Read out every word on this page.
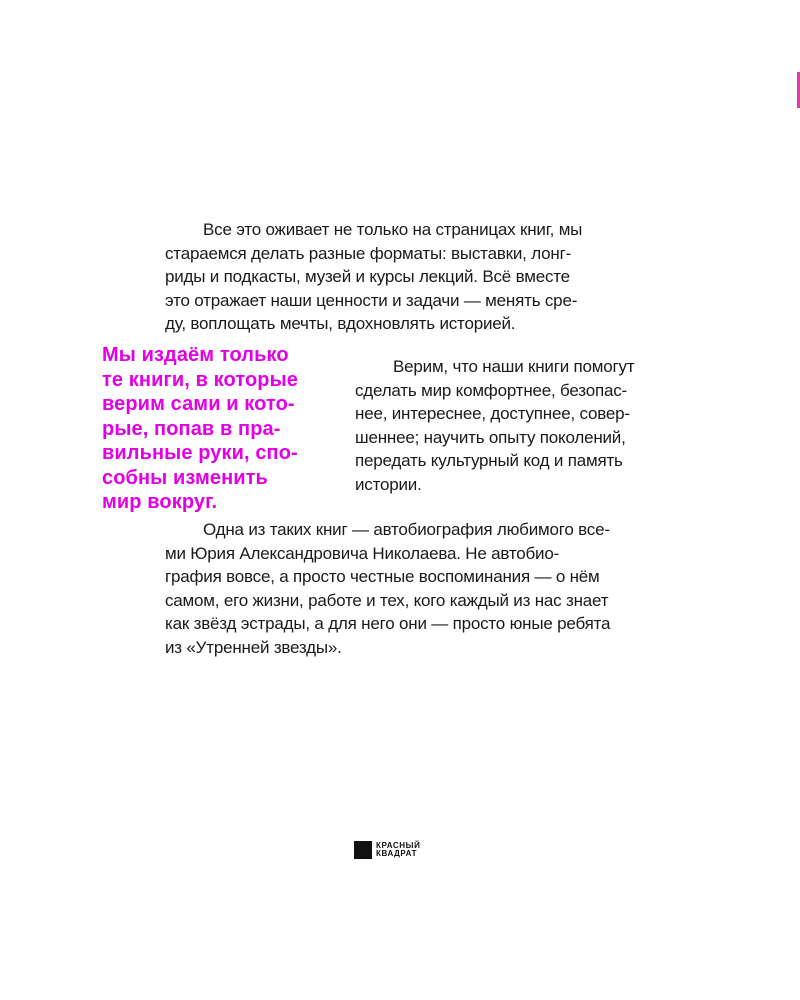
Все это оживает не только на страницах книг, мы
стараемся делать разные форматы: выставки, лонг-
риды и подкасты, музей и курсы лекций. Всё вместе
это отражает наши ценности и задачи — менять сре-
ду, воплощать мечты, вдохновлять историей.

Мы издаём только
те книги, в которые
верим сами и кото-
рые, попав в пра-
вильные руки, спо-
собны изменить
мир вокруг.

Верим, что наши книги помогут
сделать мир комфортнее, безопас-
нее, интереснее, доступнее, совер-
шеннее; научить опыту поколений,
передать культурный код и память
истории.

Одна из таких книг — автобиография любимого все-
ми Юрия Александровича Николаева. Не автобио-
графия вовсе, а просто честные воспоминания — о нём
самом, его жизни, работе и тех, кого каждый из нас знает
как звёзд эстрады, а для него они — просто юные ребята
из «Утренней звезды».

КРАСНЫЙ
КВАДРАТ
